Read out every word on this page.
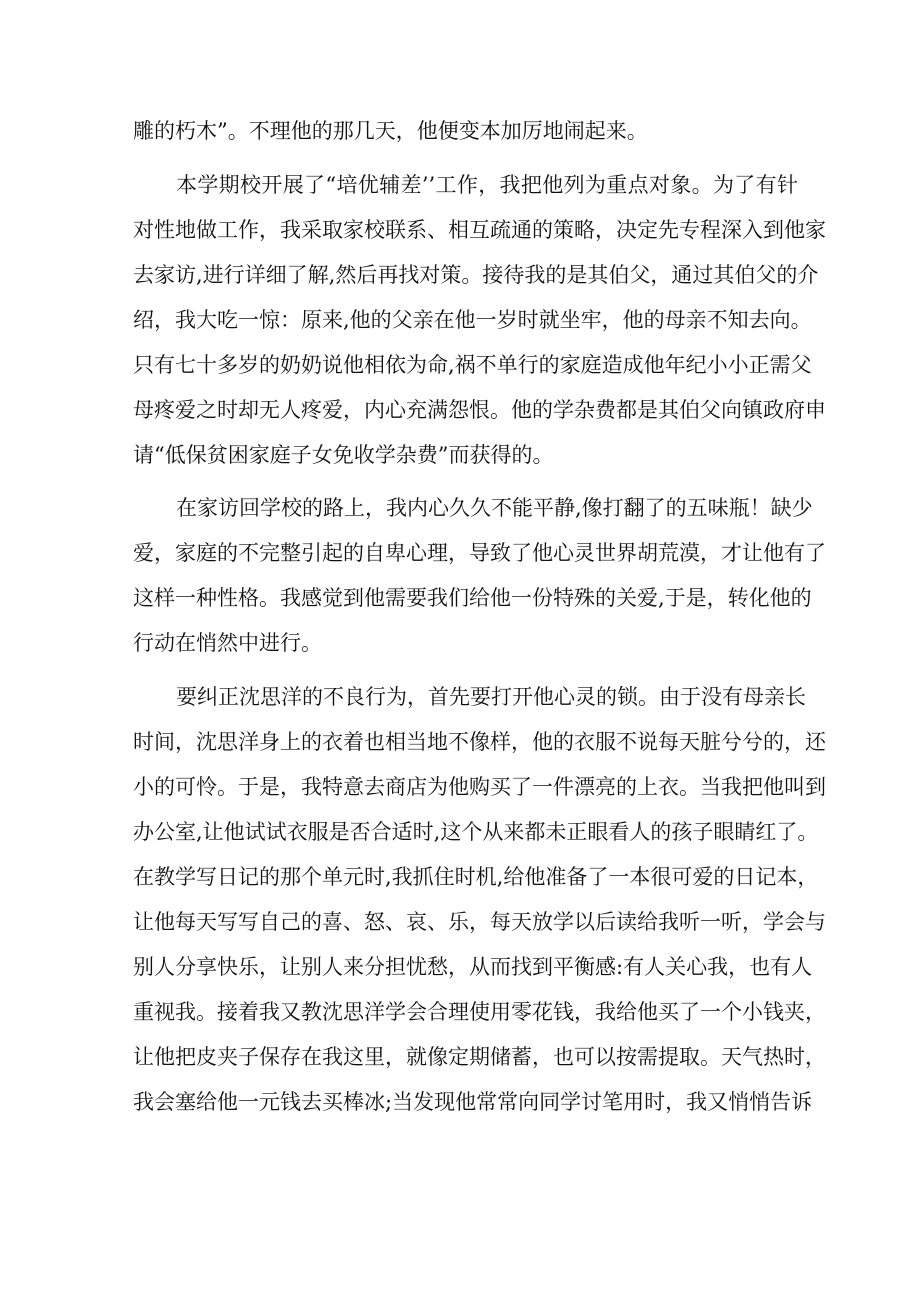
雕的朽木”。不理他的那几天，他便变本加厉地闹起来。
本学期校开展了“培优辅差’’工作，我把他列为重点对象。为了有针
对性地做工作，我采取家校联系、相互疏通的策略，决定先专程深入到他家
去家访,进行详细了解,然后再找对策。接待我的是其伯父，通过其伯父的介
绍，我大吃一惊：原来,他的父亲在他一岁时就坐牢，他的母亲不知去向。
只有七十多岁的奶奶说他相依为命,祸不单行的家庭造成他年纪小小正需父
母疼爱之时却无人疼爱，内心充满怨恨。他的学杂费都是其伯父向镇政府申
请“低保贫困家庭子女免收学杂费”而获得的。
在家访回学校的路上，我内心久久不能平静,像打翻了的五味瓶！缺少
爱，家庭的不完整引起的自卑心理，导致了他心灵世界胡荒漠，才让他有了
这样一种性格。我感觉到他需要我们给他一份特殊的关爱,于是，转化他的
行动在悄然中进行。
要纠正沈思洋的不良行为，首先要打开他心灵的锁。由于没有母亲长
时间，沈思洋身上的衣着也相当地不像样，他的衣服不说每天脏兮兮的，还
小的可怜。于是，我特意去商店为他购买了一件漂亮的上衣。当我把他叫到
办公室,让他试试衣服是否合适时,这个从来都未正眼看人的孩子眼睛红了。
在教学写日记的那个单元时,我抓住时机,给他准备了一本很可爱的日记本，
让他每天写写自己的喜、怒、哀、乐，每天放学以后读给我听一听，学会与
别人分享快乐，让别人来分担忧愁，从而找到平衡感:有人关心我，也有人
重视我。接着我又教沈思洋学会合理使用零花钱，我给他买了一个小钱夹，
让他把皮夹子保存在我这里，就像定期储蓄，也可以按需提取。天气热时，
我会塞给他一元钱去买棒冰;当发现他常常向同学讨笔用时，我又悄悄告诉
